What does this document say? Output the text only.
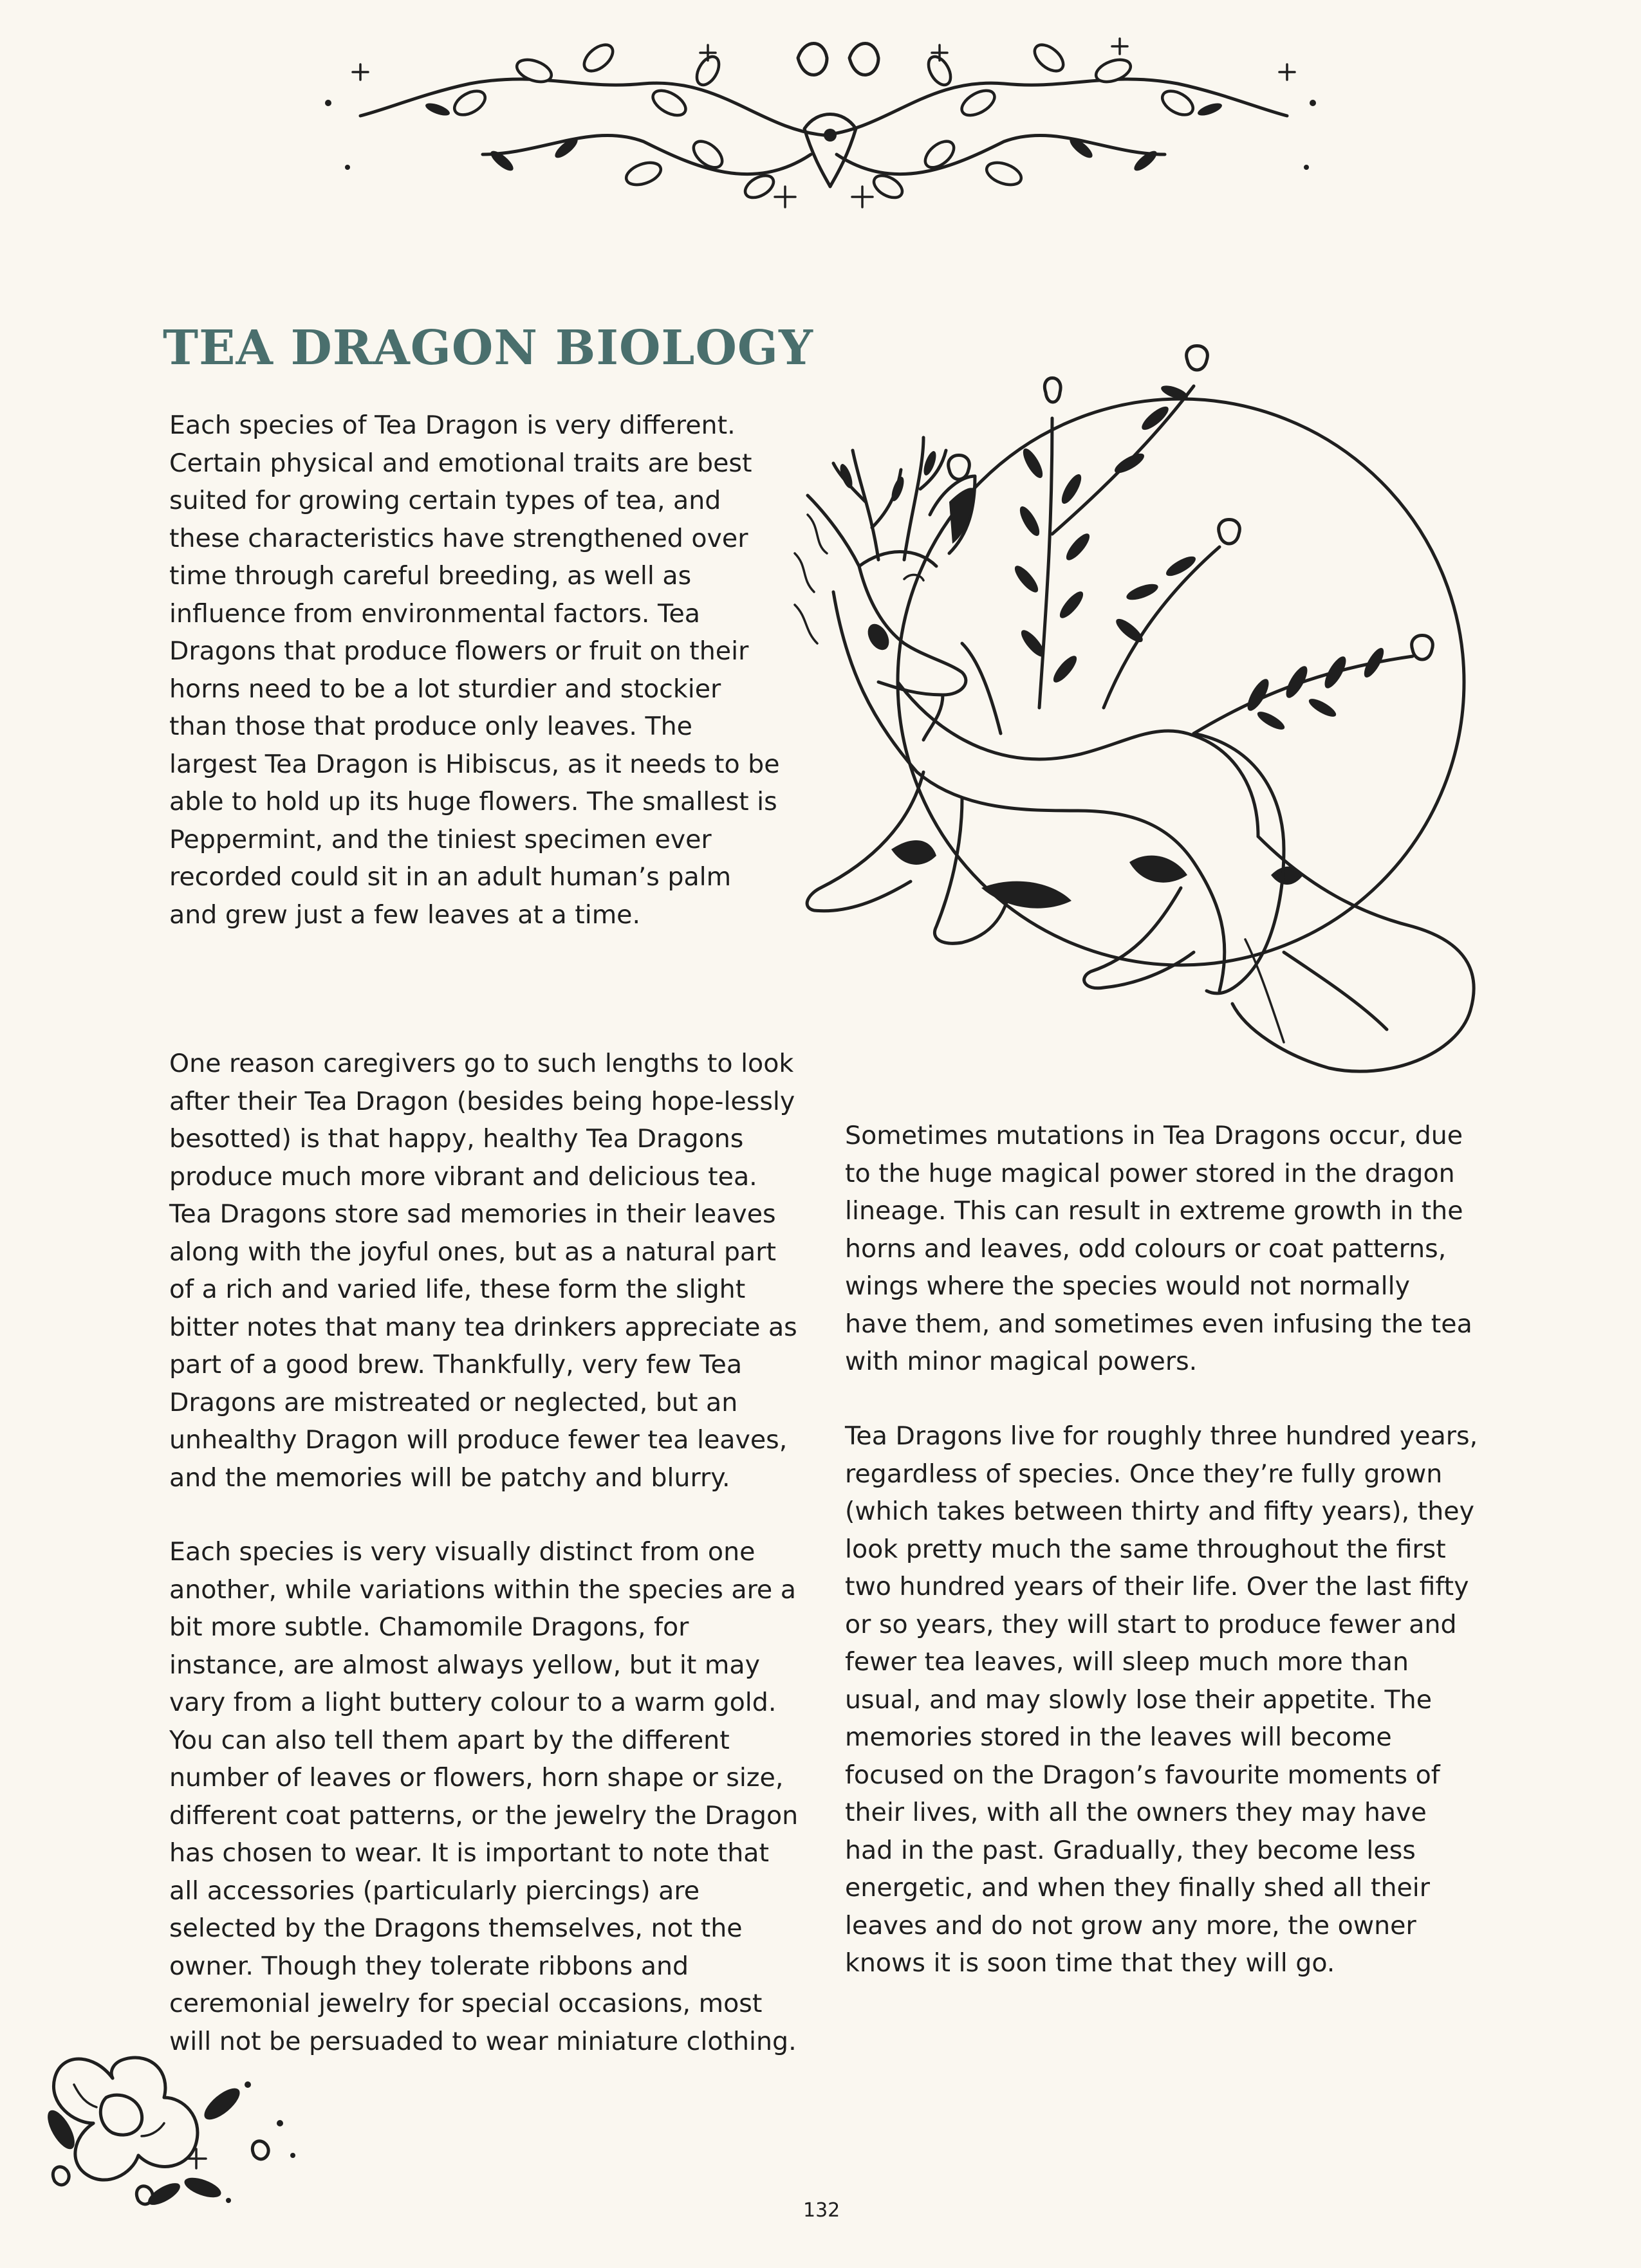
TEA DRAGON BIOLOGY

Each species of Tea Dragon is very different. Certain physical and emotional traits are best suited for growing certain types of tea, and these characteristics have strengthened over time through careful breeding, as well as influence from environmental factors. Tea Dragons that produce flowers or fruit on their horns need to be a lot sturdier and stockier than those that produce only leaves. The largest Tea Dragon is Hibiscus, as it needs to be able to hold up its huge flowers. The smallest is Peppermint, and the tiniest specimen ever recorded could sit in an adult human’s palm and grew just a few leaves at a time.

One reason caregivers go to such lengths to look after their Tea Dragon (besides being hope-lessly besotted) is that happy, healthy Tea Dragons produce much more vibrant and delicious tea. Tea Dragons store sad memories in their leaves along with the joyful ones, but as a natural part of a rich and varied life, these form the slight bitter notes that many tea drinkers appreciate as part of a good brew. Thankfully, very few Tea Dragons are mistreated or neglected, but an unhealthy Dragon will produce fewer tea leaves, and the memories will be patchy and blurry.

Each species is very visually distinct from one another, while variations within the species are a bit more subtle. Chamomile Dragons, for instance, are almost always yellow, but it may vary from a light buttery colour to a warm gold. You can also tell them apart by the different number of leaves or flowers, horn shape or size, different coat patterns, or the jewelry the Dragon has chosen to wear. It is important to note that all accessories (particularly piercings) are selected by the Dragons themselves, not the owner. Though they tolerate ribbons and ceremonial jewelry for special occasions, most will not be persuaded to wear miniature clothing.

Sometimes mutations in Tea Dragons occur, due to the huge magical power stored in the dragon lineage. This can result in extreme growth in the horns and leaves, odd colours or coat patterns, wings where the species would not normally have them, and sometimes even infusing the tea with minor magical powers.

Tea Dragons live for roughly three hundred years, regardless of species. Once they’re fully grown (which takes between thirty and fifty years), they look pretty much the same throughout the first two hundred years of their life. Over the last fifty or so years, they will start to produce fewer and fewer tea leaves, will sleep much more than usual, and may slowly lose their appetite. The memories stored in the leaves will become focused on the Dragon’s favourite moments of their lives, with all the owners they may have had in the past. Gradually, they become less energetic, and when they finally shed all their leaves and do not grow any more, the owner knows it is soon time that they will go.

132
